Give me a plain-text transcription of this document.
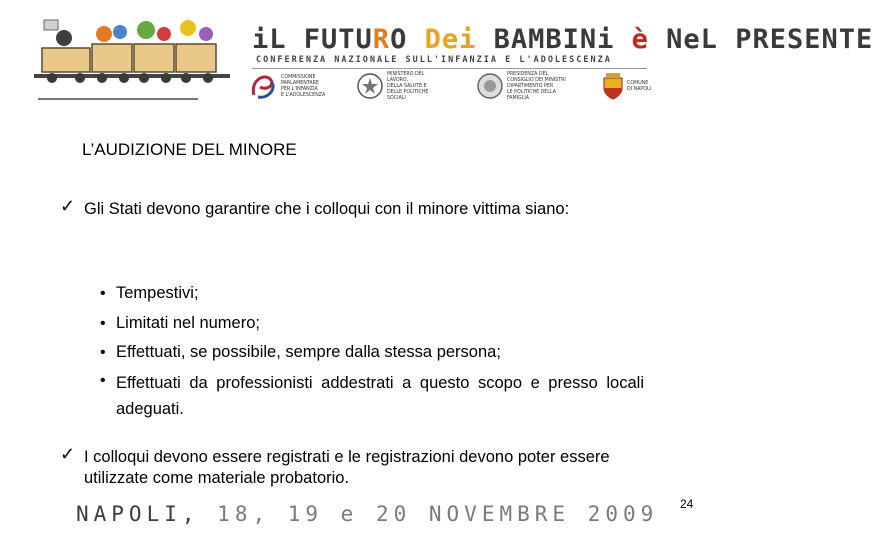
iL FUTURO Dei BAMBINi è NeL PRESENTE
CONFERENZA NAZIONALE SULL'INFANZIA E L'ADOLESCENZA
COMMISSIONE
PARLAMENTARE
PER L'INFANZIA
E L'ADOLESCENZA
MINISTERO DEL LAVORO,
DELLA SALUTE E
DELLE POLITICHE SOCIALI
PRESIDENZA DEL
CONSIGLIO DEI MINISTRI
DIPARTIMENTO PER
LE POLITICHE DELLA FAMIGLIA
COMUNE
DI NAPOLI
L’AUDIZIONE DEL MINORE
✓ Gli Stati devono garantire che i colloqui con il minore vittima siano:

• Tempestivi;
• Limitati nel numero;
• Effettuati, se possibile, sempre dalla stessa persona;
• Effettuati da professionisti addestrati a questo scopo e presso locali adeguati.
✓ I colloqui devono essere registrati e le registrazioni devono poter essere utilizzate come materiale probatorio.

NAPOLI, 18, 19 e 20 NOVEMBRE 2009 24
